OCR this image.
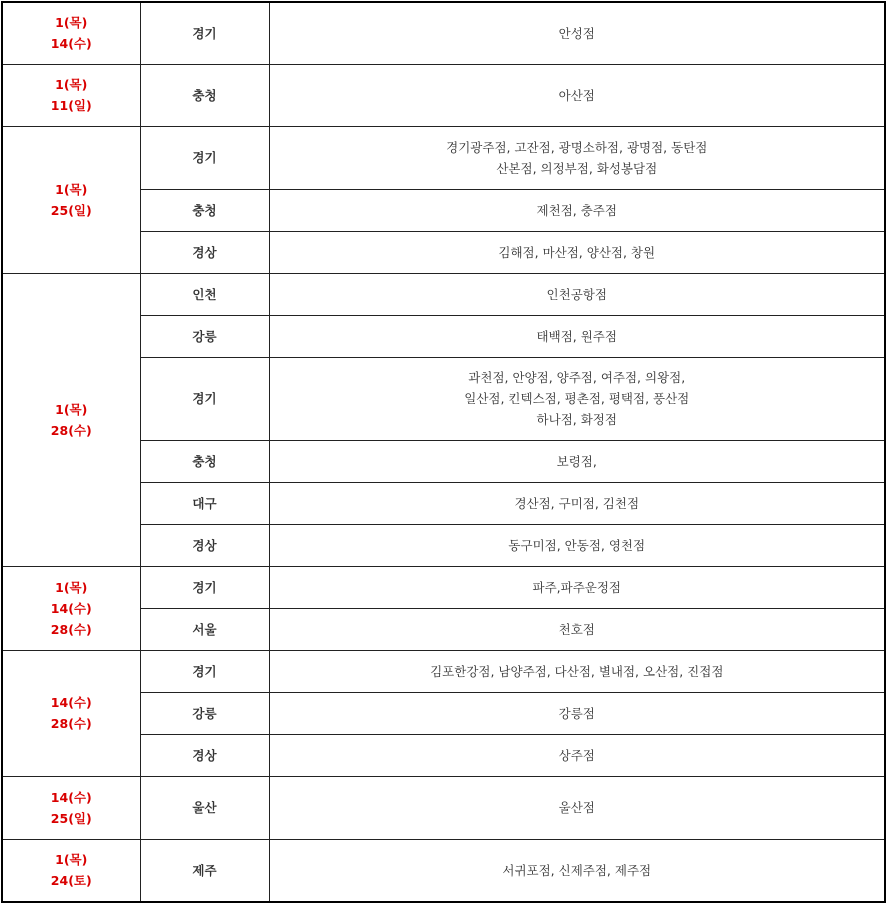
1(목)
14(수)	경기	안성점

1(목)
11(일)	충청	아산점

1(목)
25(일)	경기	경기광주점, 고잔점, 광명소하점, 광명점, 동탄점
산본점, 의정부점, 화성봉담점

	충청	제천점, 충주점

	경상	김해점, 마산점, 양산점, 창원

1(목)
28(수)	인천	인천공항점

	강릉	태백점, 원주점

	경기	과천점, 안양점, 양주점, 여주점, 의왕점,
일산점, 킨텍스점, 평촌점, 평택점, 풍산점
하나점, 화정점

	충청	보령점,

	대구	경산점, 구미점, 김천점

	경상	동구미점, 안동점, 영천점

1(목)
14(수)
28(수)	경기	파주,파주운정점

	서울	천호점

14(수)
28(수)	경기	김포한강점, 남양주점, 다산점, 별내점, 오산점, 진접점

	강릉	강릉점

	경상	상주점

14(수)
25(일)	울산	울산점

1(목)
24(토)	제주	서귀포점, 신제주점, 제주점
